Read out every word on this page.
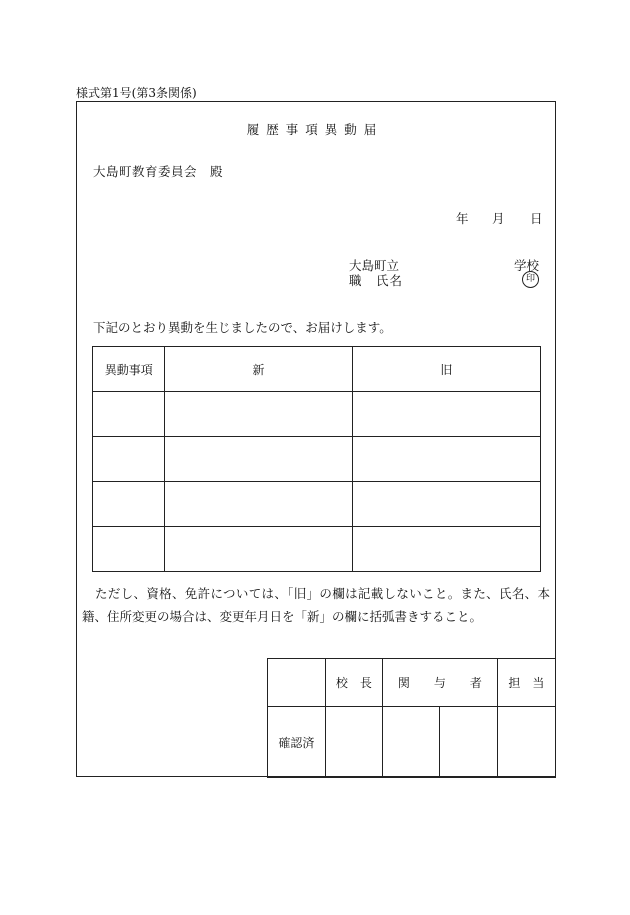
様式第1号(第3条関係)
履歴事項異動届
大島町教育委員会　殿
年 月 日
大島町立	学校
職　氏名	印
下記のとおり異動を生じましたので、お届けします。
異動事項	新	旧

ただし、資格、免許については、「旧」の欄は記載しないこと。また、氏名、本籍、住所変更の場合は、変更年月日を「新」の欄に括弧書きすること。
	校　長	関　　与　　者		担　当
確認済				
